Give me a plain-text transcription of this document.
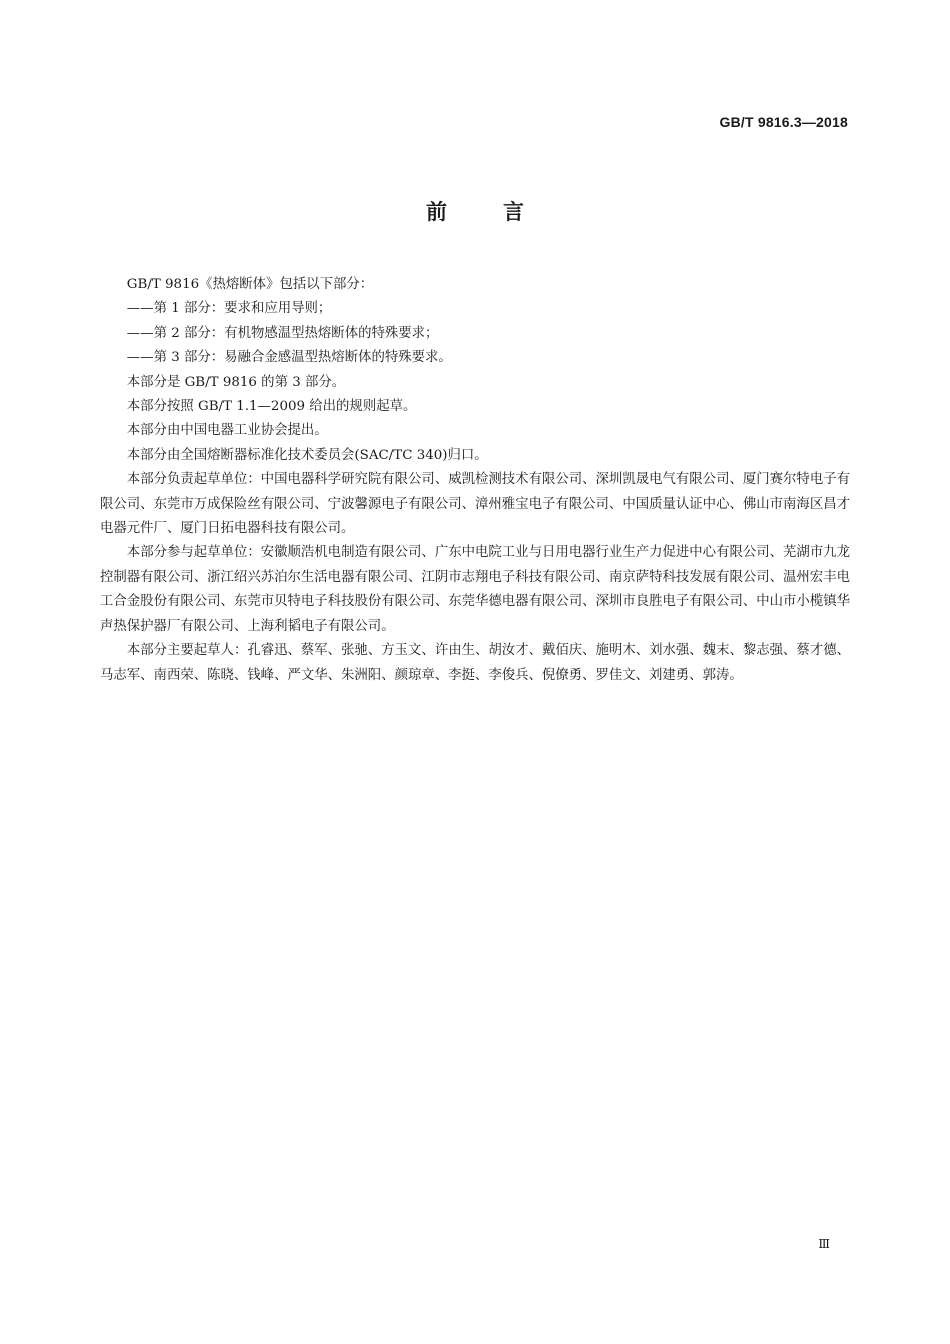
GB/T 9816.3—2018
前言

GB/T 9816《热熔断体》包括以下部分：

——第 1 部分：要求和应用导则；

——第 2 部分：有机物感温型热熔断体的特殊要求；

——第 3 部分：易融合金感温型热熔断体的特殊要求。

本部分是 GB/T 9816 的第 3 部分。

本部分按照 GB/T 1.1—2009 给出的规则起草。

本部分由中国电器工业协会提出。

本部分由全国熔断器标准化技术委员会(SAC/TC 340)归口。

本部分负责起草单位：中国电器科学研究院有限公司、威凯检测技术有限公司、深圳凯晟电气有限公司、厦门赛尔特电子有限公司、东莞市万成保险丝有限公司、宁波馨源电子有限公司、漳州雅宝电子有限公司、中国质量认证中心、佛山市南海区昌才电器元件厂、厦门日拓电器科技有限公司。

本部分参与起草单位：安徽顺浩机电制造有限公司、广东中电院工业与日用电器行业生产力促进中心有限公司、芜湖市九龙控制器有限公司、浙江绍兴苏泊尔生活电器有限公司、江阴市志翔电子科技有限公司、南京萨特科技发展有限公司、温州宏丰电工合金股份有限公司、东莞市贝特电子科技股份有限公司、东莞华德电器有限公司、深圳市良胜电子有限公司、中山市小榄镇华声热保护器厂有限公司、上海利韬电子有限公司。

本部分主要起草人：孔睿迅、蔡军、张驰、方玉文、许由生、胡汝才、戴佰庆、施明木、刘水强、魏末、黎志强、蔡才德、马志军、南西荣、陈晓、钱峰、严文华、朱洲阳、颜琼章、李挺、李俊兵、倪僚勇、罗佳文、刘建勇、郭涛。

Ⅲ
